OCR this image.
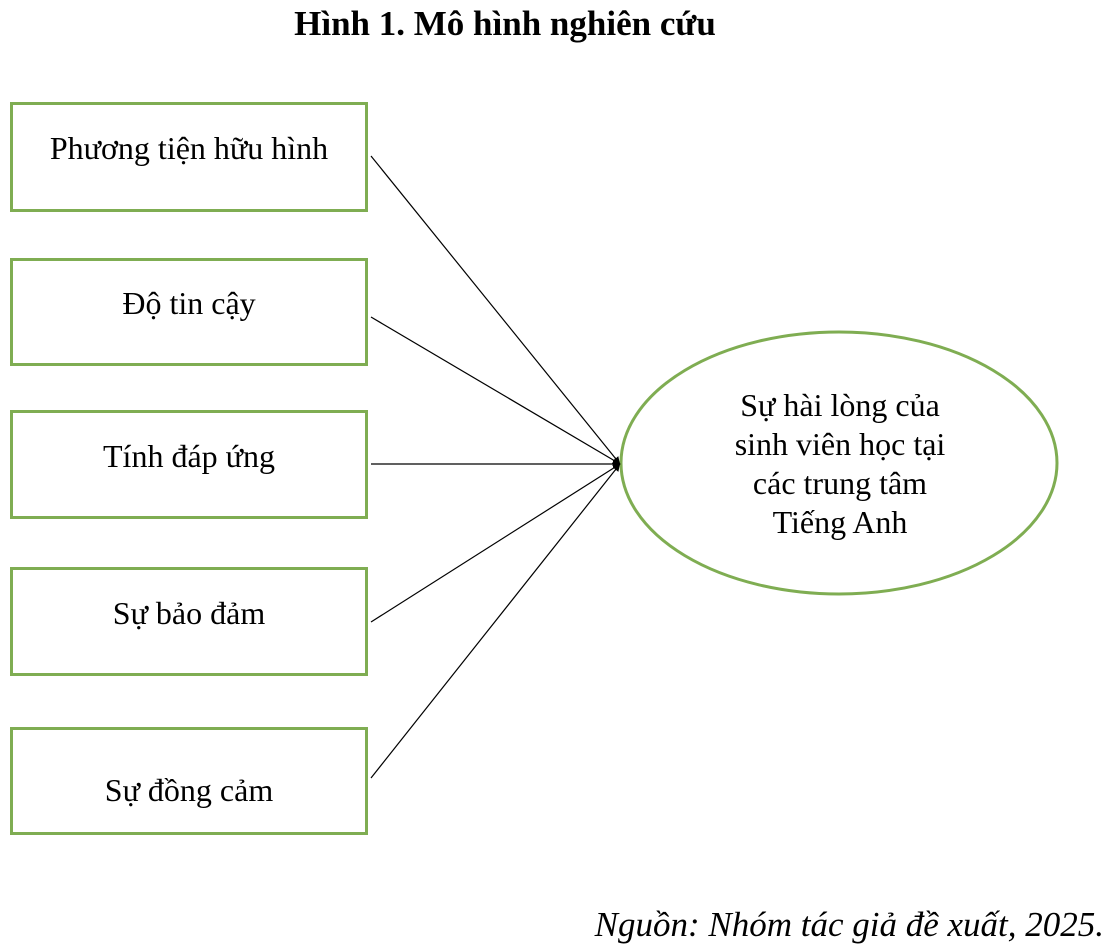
Hình 1. Mô hình nghiên cứu
Phương tiện hữu hình
Độ tin cậy
Tính đáp ứng
Sự bảo đảm
Sự đồng cảm
Sự hài lòng của
sinh viên học tại
các trung tâm
Tiếng Anh
Nguồn: Nhóm tác giả đề xuất, 2025.
